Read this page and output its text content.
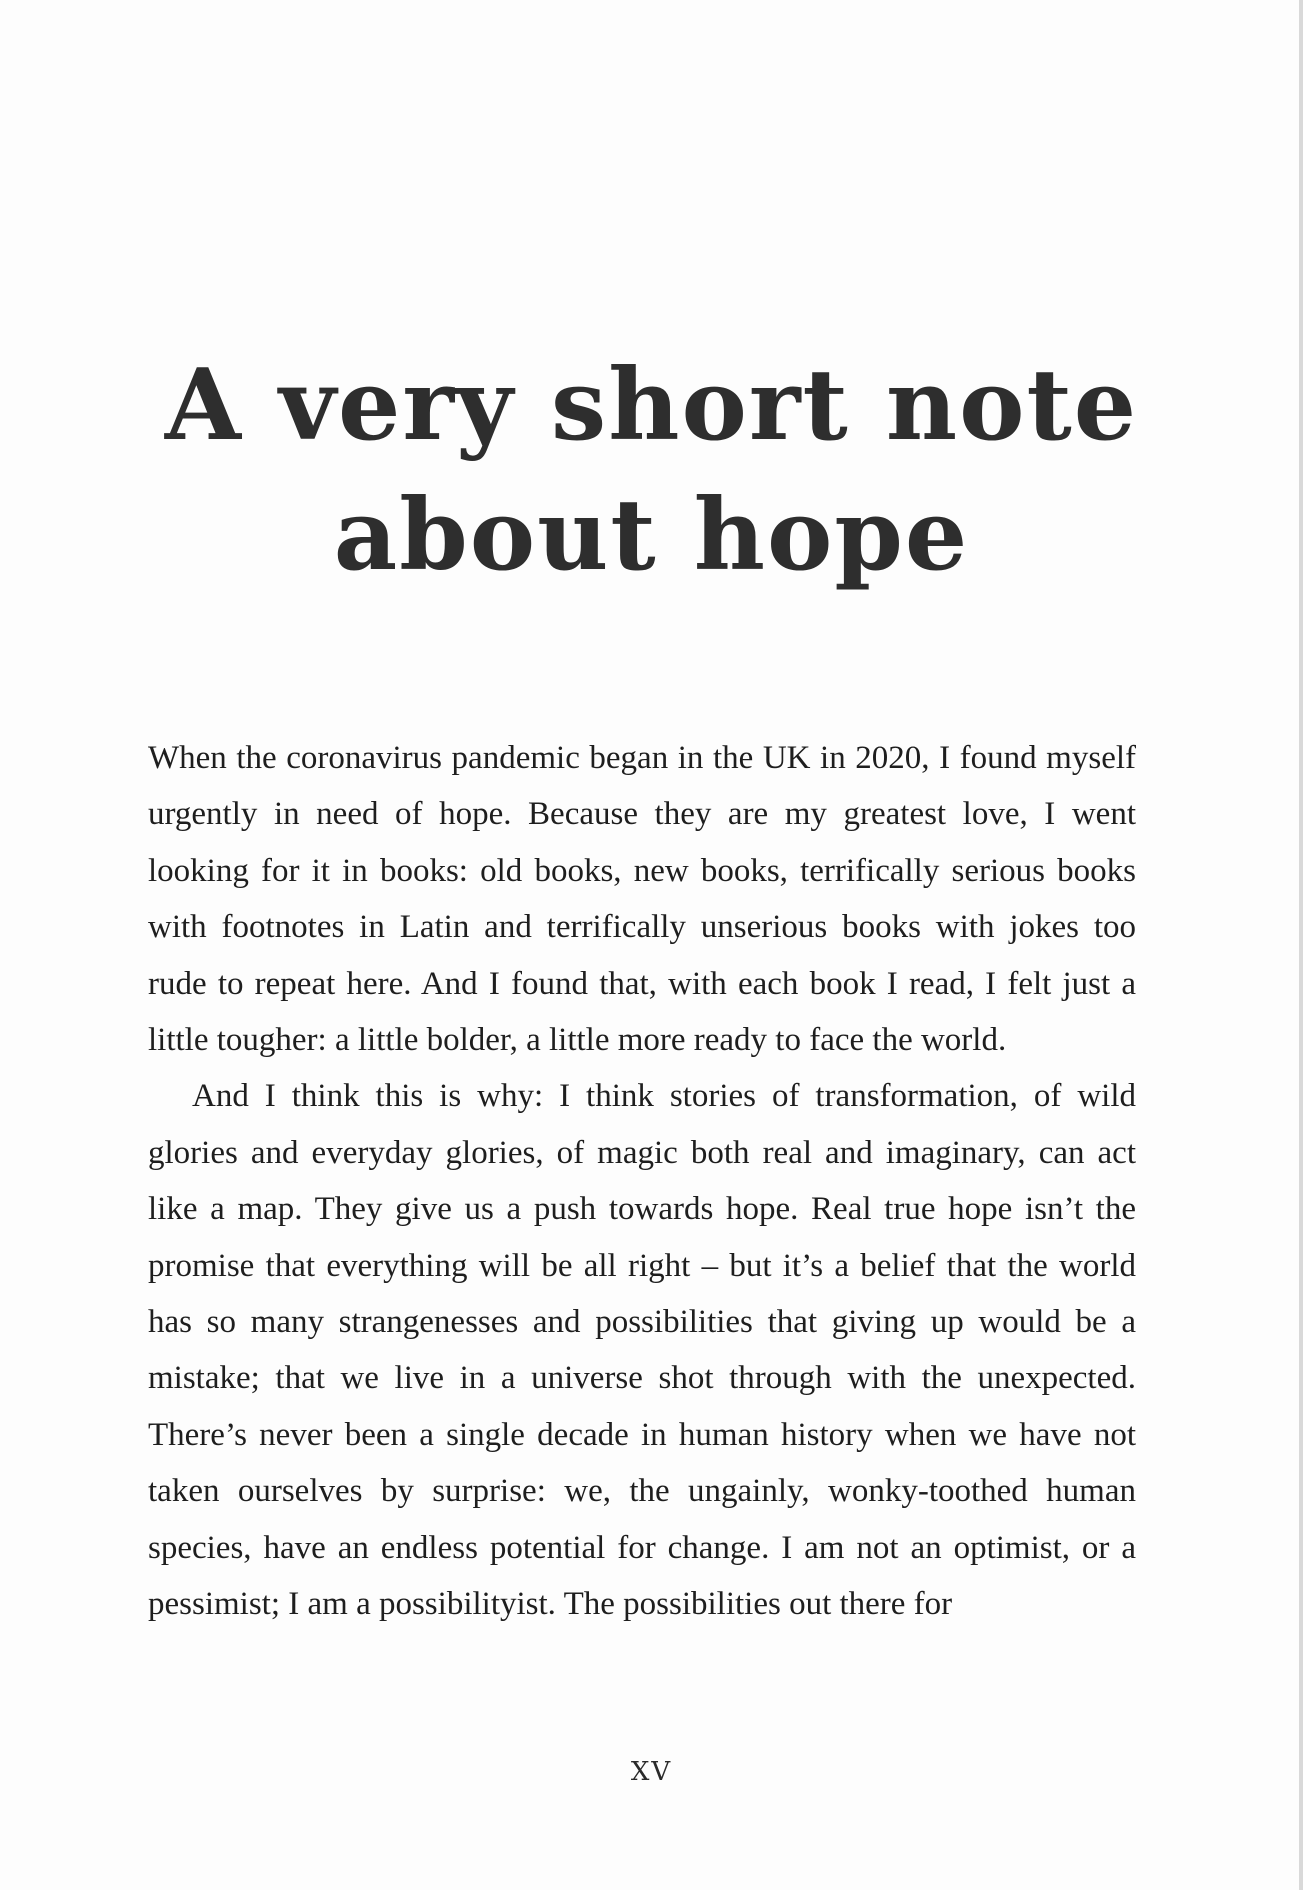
A very short note
about hope

When the coronavirus pandemic began in the UK in 2020, I found myself urgently in need of hope. Because they are my greatest love, I went looking for it in books: old books, new books, terrifically serious books with footnotes in Latin and terrifically unserious books with jokes too rude to repeat here. And I found that, with each book I read, I felt just a little tougher: a little bolder, a little more ready to face the world.

And I think this is why: I think stories of transformation, of wild glories and everyday glories, of magic both real and imaginary, can act like a map. They give us a push towards hope. Real true hope isn’t the promise that everything will be all right – but it’s a belief that the world has so many strangenesses and possibilities that giving up would be a mistake; that we live in a universe shot through with the unexpected. There’s never been a single decade in human history when we have not taken ourselves by surprise: we, the ungainly, wonky-toothed human species, have an endless potential for change. I am not an optimist, or a pessimist; I am a possibilityist. The possibilities out there for

XV
